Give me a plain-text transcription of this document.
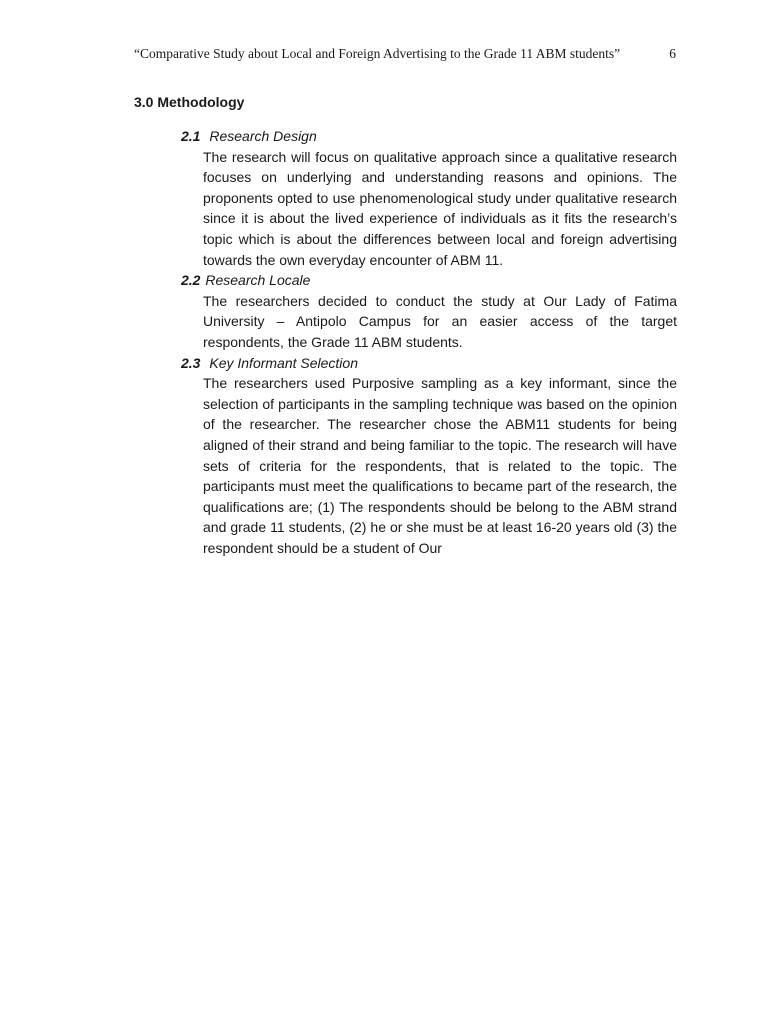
“Comparative Study about Local and Foreign Advertising to the Grade 11 ABM students”	6
3.0 Methodology
2.1 Research Design

The research will focus on qualitative approach since a qualitative research focuses on underlying and understanding reasons and opinions. The proponents opted to use phenomenological study under qualitative research since it is about the lived experience of individuals as it fits the research’s topic which is about the differences between local and foreign advertising towards the own everyday encounter of ABM 11.

2.2 Research Locale

The researchers decided to conduct the study at Our Lady of Fatima University – Antipolo Campus for an easier access of the target respondents, the Grade 11 ABM students.

2.3 Key Informant Selection

The researchers used Purposive sampling as a key informant, since the selection of participants in the sampling technique was based on the opinion of the researcher. The researcher chose the ABM11 students for being aligned of their strand and being familiar to the topic. The research will have sets of criteria for the respondents, that is related to the topic. The participants must meet the qualifications to became part of the research, the qualifications are; (1) The respondents should be belong to the ABM strand and grade 11 students, (2) he or she must be at least 16-20 years old (3) the respondent should be a student of Our
